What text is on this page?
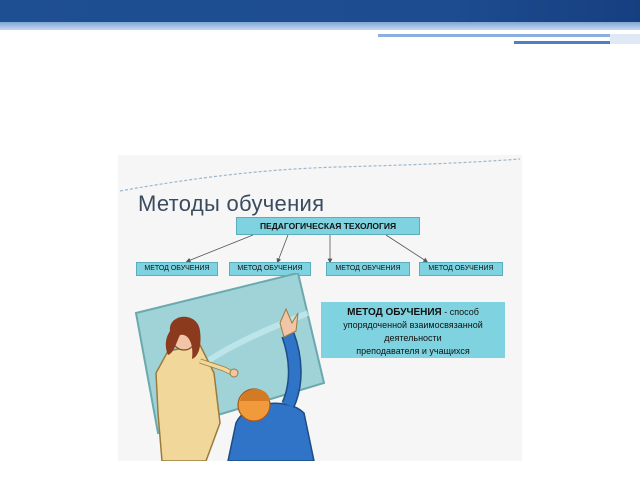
Методы обучения
ПЕДАГОГИЧЕСКАЯ ТЕХОЛОГИЯ
МЕТОД ОБУЧЕНИЯ	МЕТОД ОБУЧЕНИЯ	МЕТОД ОБУЧЕНИЯ	МЕТОД ОБУЧЕНИЯ
МЕТОД ОБУЧЕНИЯ - способ
упорядоченной взаимосвязанной
деятельности
преподавателя и учащихся
